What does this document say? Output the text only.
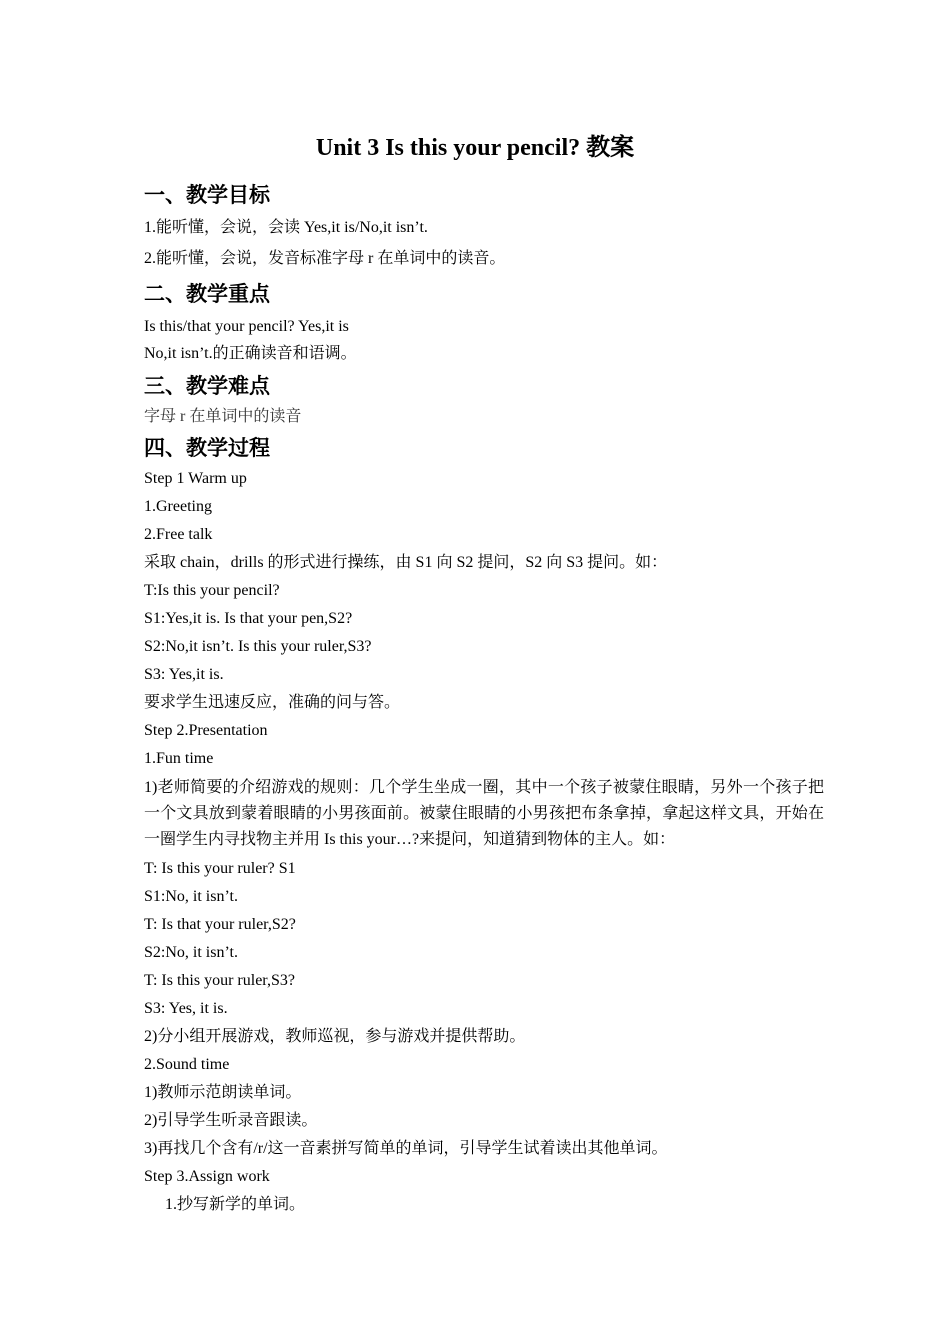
Unit 3 Is this your pencil? 教案
一、教学目标
1.能听懂，会说，会读 Yes,it is/No,it isn’t.
2.能听懂，会说，发音标准字母 r 在单词中的读音。
二、教学重点
Is this/that your pencil? Yes,it is
No,it isn’t.的正确读音和语调。
三、教学难点
字母 r 在单词中的读音
四、教学过程
Step 1 Warm up
1.Greeting
2.Free talk
采取 chain，drills 的形式进行操练，由 S1 向 S2 提问，S2 向 S3 提问。如：
T:Is this your pencil?
S1:Yes,it is. Is that your pen,S2?
S2:No,it isn’t. Is this your ruler,S3?
S3: Yes,it is.
要求学生迅速反应，准确的问与答。
Step 2.Presentation
1.Fun time
1)老师简要的介绍游戏的规则：几个学生坐成一圈，其中一个孩子被蒙住眼睛，另外一个孩子把一个文具放到蒙着眼睛的小男孩面前。被蒙住眼睛的小男孩把布条拿掉，拿起这样文具，开始在一圈学生内寻找物主并用 Is this your…?来提问，知道猜到物体的主人。如：
T: Is this your ruler? S1
S1:No, it isn’t.
T: Is that your ruler,S2?
S2:No, it isn’t.
T: Is this your ruler,S3?
S3: Yes, it is.
2)分小组开展游戏，教师巡视，参与游戏并提供帮助。
2.Sound time
1)教师示范朗读单词。
2)引导学生听录音跟读。
3)再找几个含有/r/这一音素拼写简单的单词，引导学生试着读出其他单词。
Step 3.Assign work
1.抄写新学的单词。
